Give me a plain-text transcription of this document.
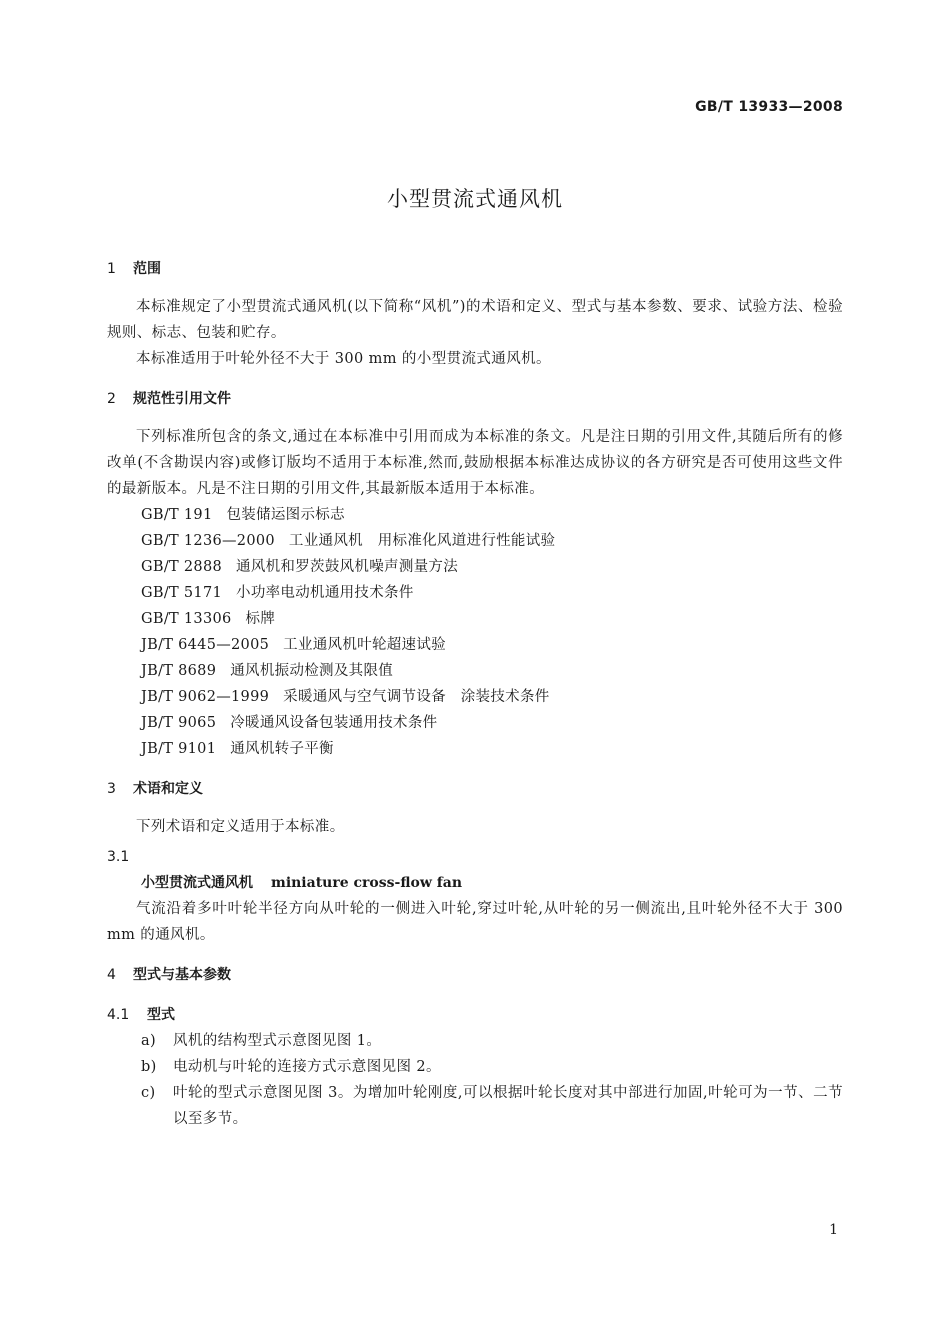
GB/T 13933—2008
小型贯流式通风机
1 范围
本标准规定了小型贯流式通风机(以下简称“风机”)的术语和定义、型式与基本参数、要求、试验方法、检验规则、标志、包装和贮存。
本标准适用于叶轮外径不大于 300 mm 的小型贯流式通风机。
2 规范性引用文件
下列标准所包含的条文,通过在本标准中引用而成为本标准的条文。凡是注日期的引用文件,其随后所有的修改单(不含勘误内容)或修订版均不适用于本标准,然而,鼓励根据本标准达成协议的各方研究是否可使用这些文件的最新版本。凡是不注日期的引用文件,其最新版本适用于本标准。
GB/T 191 包装储运图示标志
GB/T 1236—2000 工业通风机　用标准化风道进行性能试验
GB/T 2888 通风机和罗茨鼓风机噪声测量方法
GB/T 5171 小功率电动机通用技术条件
GB/T 13306 标牌
JB/T 6445—2005 工业通风机叶轮超速试验
JB/T 8689 通风机振动检测及其限值
JB/T 9062—1999 采暖通风与空气调节设备　涂装技术条件
JB/T 9065 冷暖通风设备包装通用技术条件
JB/T 9101 通风机转子平衡
3 术语和定义
下列术语和定义适用于本标准。
3.1
小型贯流式通风机 miniature cross-flow fan
气流沿着多叶叶轮半径方向从叶轮的一侧进入叶轮,穿过叶轮,从叶轮的另一侧流出,且叶轮外径不大于 300 mm 的通风机。
4 型式与基本参数
4.1 型式
a) 风机的结构型式示意图见图 1。
b) 电动机与叶轮的连接方式示意图见图 2。
c) 叶轮的型式示意图见图 3。为增加叶轮刚度,可以根据叶轮长度对其中部进行加固,叶轮可为一节、二节以至多节。
1
